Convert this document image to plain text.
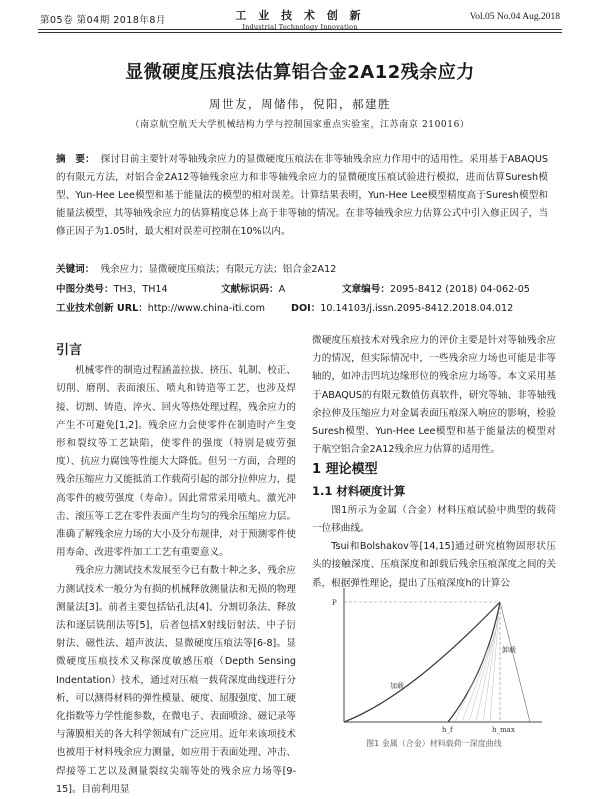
第05卷 第04期 2018年8月	工 业 技 术 创 新
Industrial Technology Innovation
Vol.05 No.04 Aug.2018
显微硬度压痕法估算铝合金2A12残余应力
周世友，周储伟，倪阳，郝建胜
（南京航空航天大学机械结构力学与控制国家重点实验室，江苏南京 210016）
摘　要： 探讨目前主要针对等轴残余应力的显微硬度压痕法在非等轴残余应力作用中的适用性。采用基于ABAQUS的有限元方法，对铝合金2A12等轴残余应力和非等轴残余应力的显微硬度压痕试验进行模拟，进而估算Suresh模型、Yun-Hee Lee模型和基于能量法的模型的相对误差。计算结果表明，Yun-Hee Lee模型精度高于Suresh模型和能量法模型，其等轴残余应力的估算精度总体上高于非等轴的情况。在非等轴残余应力估算公式中引入修正因子，当修正因子为1.05时，最大相对误差可控制在10%以内。
关键词： 残余应力；显微硬度压痕法；有限元方法；铝合金2A12
中图分类号：TH3，TH14	文献标识码：A	文章编号：2095-8412 (2018) 04-062-05
工业技术创新 URL：http://www.china-iti.com	DOI：10.14103/j.issn.2095-8412.2018.04.012
引言

机械零件的制造过程涵盖拉拔、挤压、轧制、校正、切削、磨削、表面滚压、喷丸和铸造等工艺，也涉及焊接、切割、铸造、淬火、回火等热处理过程，残余应力的产生不可避免[1,2]。残余应力会使零件在制造时产生变形和裂纹等工艺缺陷，使零件的强度（特别是疲劳强度）、抗应力腐蚀等性能大大降低。但另一方面，合理的残余压缩应力又能抵消工作载荷引起的部分拉伸应力，提高零件的疲劳强度（寿命）。因此常常采用喷丸、激光冲击、滚压等工艺在零件表面产生均匀的残余压缩应力层。准确了解残余应力场的大小及分布规律，对于预测零件使用寿命、改进零件加工工艺有重要意义。

残余应力测试技术发展至今已有数十种之多，残余应力测试技术一般分为有损的机械释放测量法和无损的物理测量法[3]。前者主要包括钻孔法[4]、分割切条法、释放法和逐层铣削法等[5]，后者包括X射线衍射法、中子衍射法、磁性法、超声波法、显微硬度压痕法等[6-8]。显微硬度压痕技术又称深度敏感压痕（Depth Sensing Indentation）技术，通过对压痕一载荷深度曲线进行分析，可以测得材料的弹性模量、硬度、屈服强度、加工硬化指数等力学性能参数，在微电子、表面喷涂、磁记录等与薄膜相关的各大科学领域有广泛应用。近年来该项技术也被用于材料残余应力测量，如应用于表面处理、冲击、焊接等工艺以及测量裂纹尖端等处的残余应力场等[9-15]。目前利用显

微硬度压痕技术对残余应力的评价主要是针对等轴残余应力的情况，但实际情况中，一些残余应力场也可能是非等轴的，如冲击凹坑边缘形位的残余应力场等。本文采用基于ABAQUS的有限元数值仿真软件，研究等轴、非等轴残余拉伸及压缩应力对金属表面压痕深入响应的影响，检验Suresh模型、Yun-Hee Lee模型和基于能量法的模型对于航空铝合金2A12残余应力估算的适用性。

1 理论模型
1.1 材料硬度计算

图1所示为金属（合金）材料压痕试验中典型的载荷一位移曲线。

Tsui和Bolshakov等[14,15]通过研究植物固形状压头的接触深度、压痕深度和卸载后残余压痕深度之间的关系，根据弹性理论，提出了压痕深度h的计算公

加载
卸载
P
h_f	h_max
图1 金属（合金）材料载荷一深度曲线
